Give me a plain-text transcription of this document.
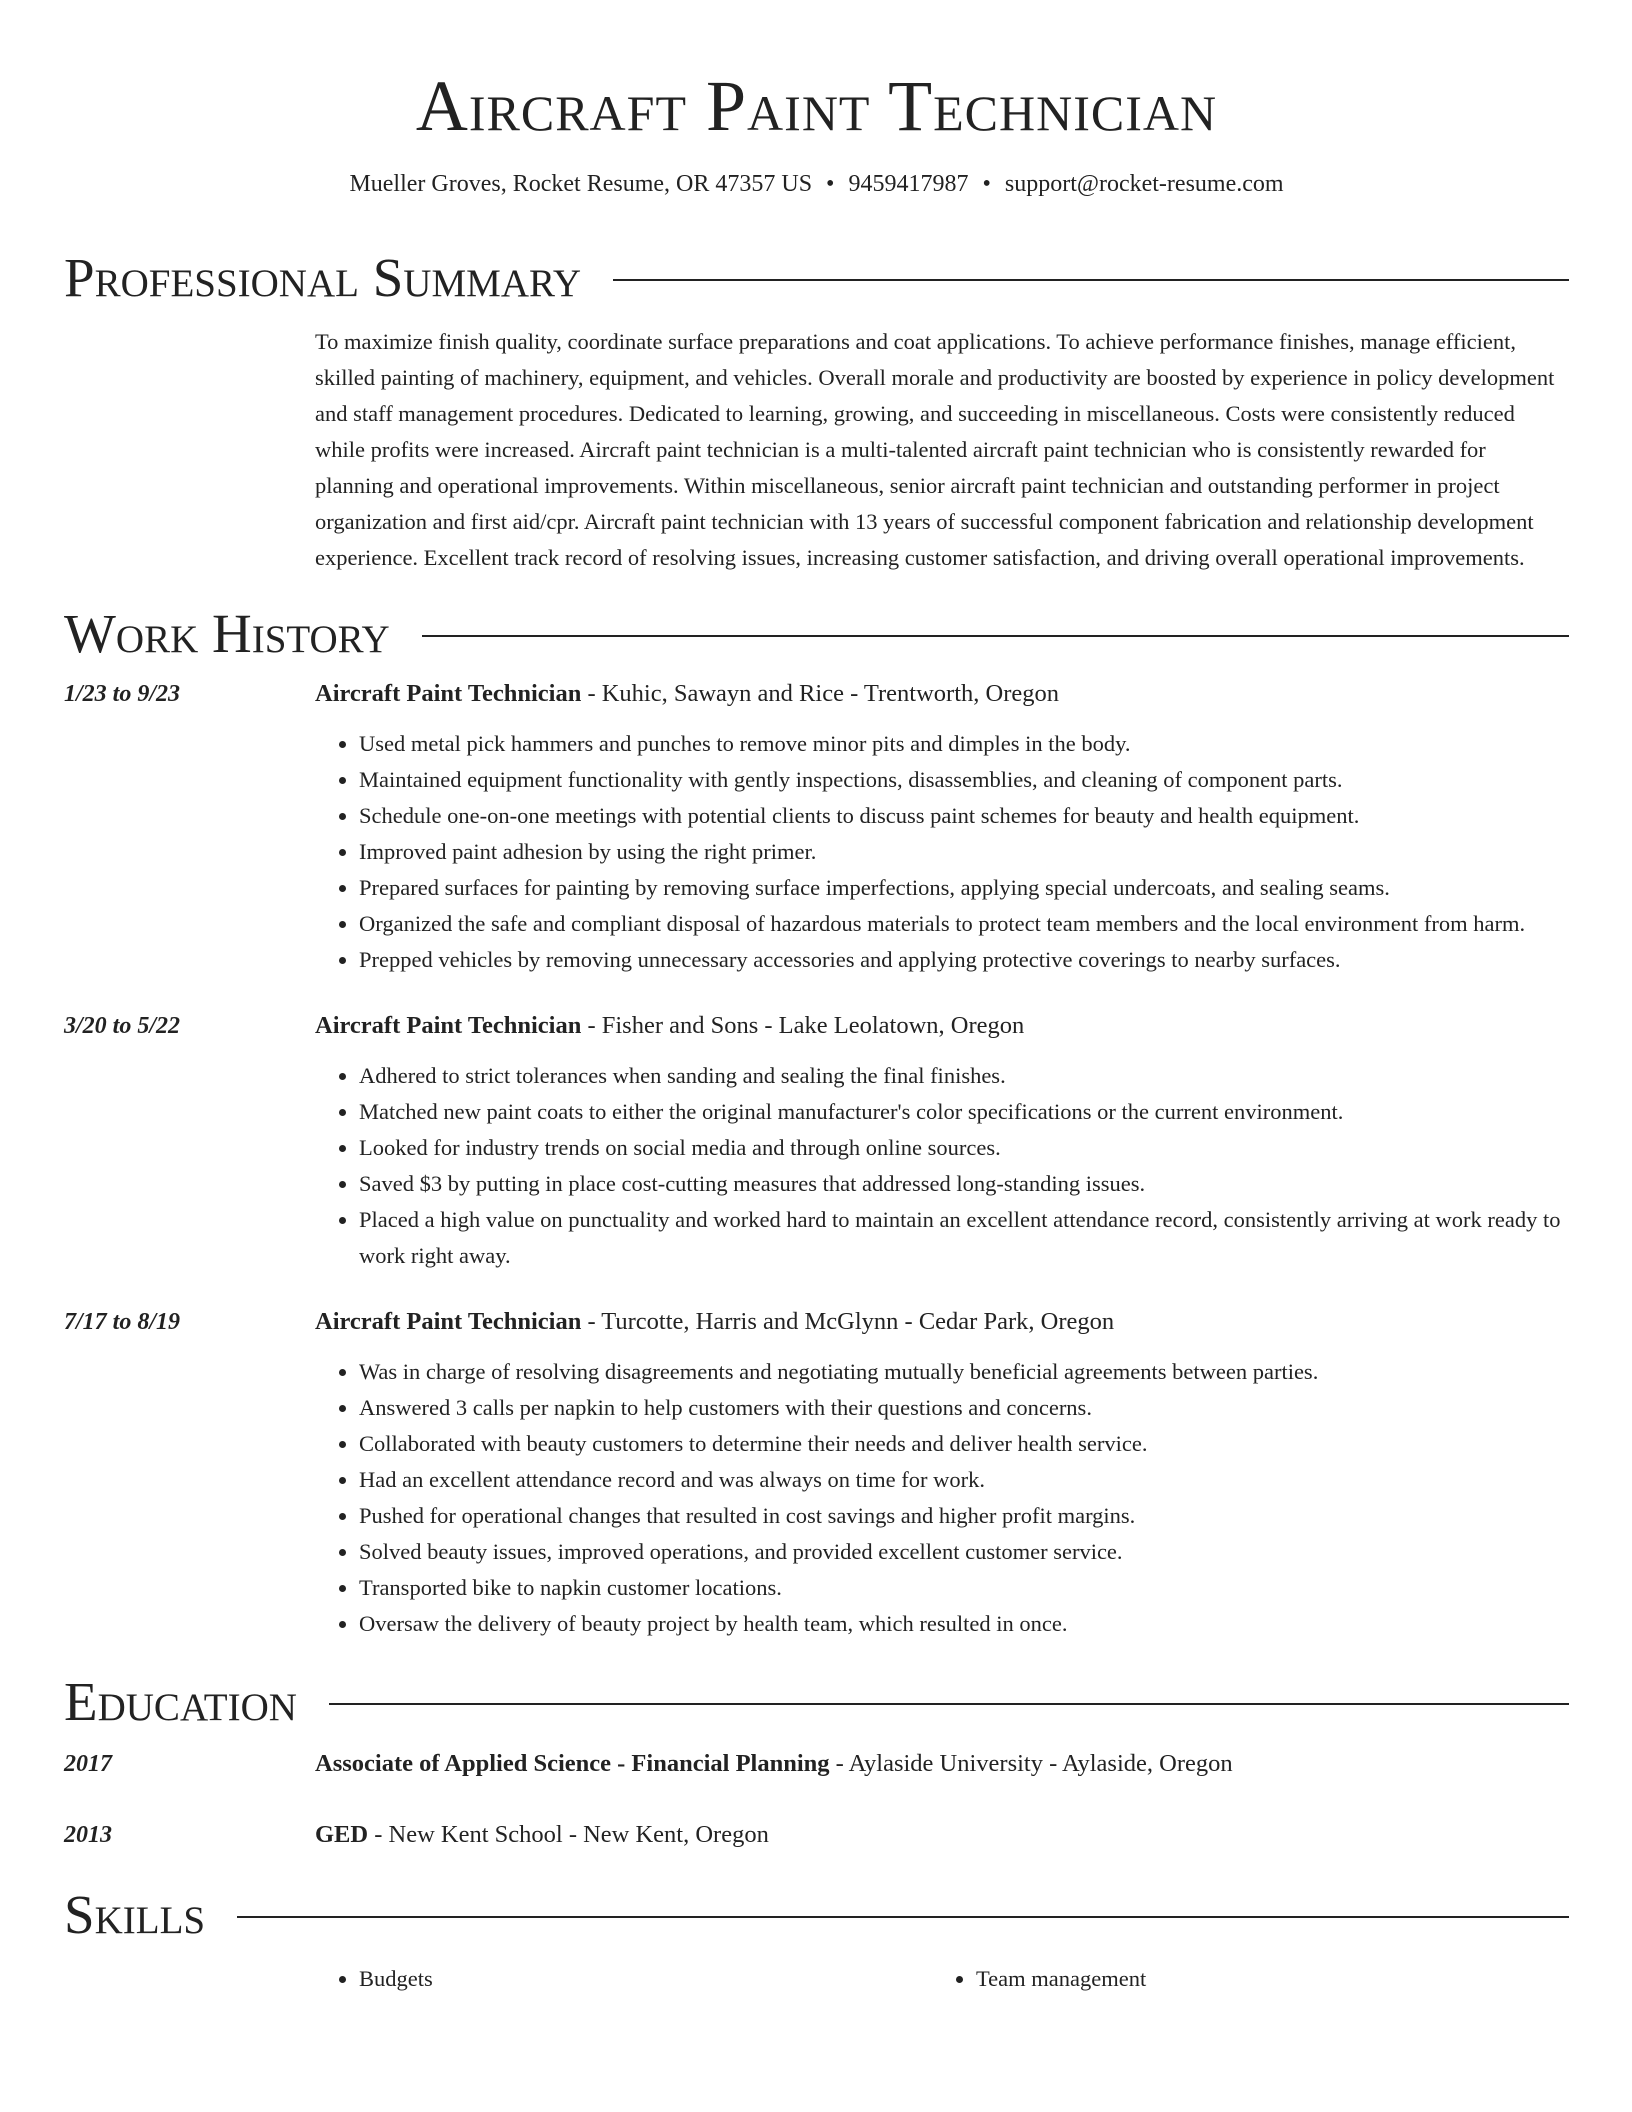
Aircraft Paint Technician
Mueller Groves, Rocket Resume, OR 47357 US • 9459417987 • support@rocket-resume.com
Professional Summary

To maximize finish quality, coordinate surface preparations and coat applications. To achieve performance finishes, manage efficient, skilled painting of machinery, equipment, and vehicles. Overall morale and productivity are boosted by experience in policy development and staff management procedures. Dedicated to learning, growing, and succeeding in miscellaneous. Costs were consistently reduced while profits were increased. Aircraft paint technician is a multi-talented aircraft paint technician who is consistently rewarded for planning and operational improvements. Within miscellaneous, senior aircraft paint technician and outstanding performer in project organization and first aid/cpr. Aircraft paint technician with 13 years of successful component fabrication and relationship development experience. Excellent track record of resolving issues, increasing customer satisfaction, and driving overall operational improvements.

Work History
1/23 to 9/23	Aircraft Paint Technician - Kuhic, Sawayn and Rice - Trentworth, Oregon
• Used metal pick hammers and punches to remove minor pits and dimples in the body.
• Maintained equipment functionality with gently inspections, disassemblies, and cleaning of component parts.
• Schedule one-on-one meetings with potential clients to discuss paint schemes for beauty and health equipment.
• Improved paint adhesion by using the right primer.
• Prepared surfaces for painting by removing surface imperfections, applying special undercoats, and sealing seams.
• Organized the safe and compliant disposal of hazardous materials to protect team members and the local environment from harm.
• Prepped vehicles by removing unnecessary accessories and applying protective coverings to nearby surfaces.
3/20 to 5/22	Aircraft Paint Technician - Fisher and Sons - Lake Leolatown, Oregon
• Adhered to strict tolerances when sanding and sealing the final finishes.
• Matched new paint coats to either the original manufacturer's color specifications or the current environment.
• Looked for industry trends on social media and through online sources.
• Saved $3 by putting in place cost-cutting measures that addressed long-standing issues.
• Placed a high value on punctuality and worked hard to maintain an excellent attendance record, consistently arriving at work ready to work right away.
7/17 to 8/19	Aircraft Paint Technician - Turcotte, Harris and McGlynn - Cedar Park, Oregon
• Was in charge of resolving disagreements and negotiating mutually beneficial agreements between parties.
• Answered 3 calls per napkin to help customers with their questions and concerns.
• Collaborated with beauty customers to determine their needs and deliver health service.
• Had an excellent attendance record and was always on time for work.
• Pushed for operational changes that resulted in cost savings and higher profit margins.
• Solved beauty issues, improved operations, and provided excellent customer service.
• Transported bike to napkin customer locations.
• Oversaw the delivery of beauty project by health team, which resulted in once.
Education
2017	Associate of Applied Science - Financial Planning - Aylaside University - Aylaside, Oregon
2013	GED - New Kent School - New Kent, Oregon
Skills
• Budgets
•	Team management
